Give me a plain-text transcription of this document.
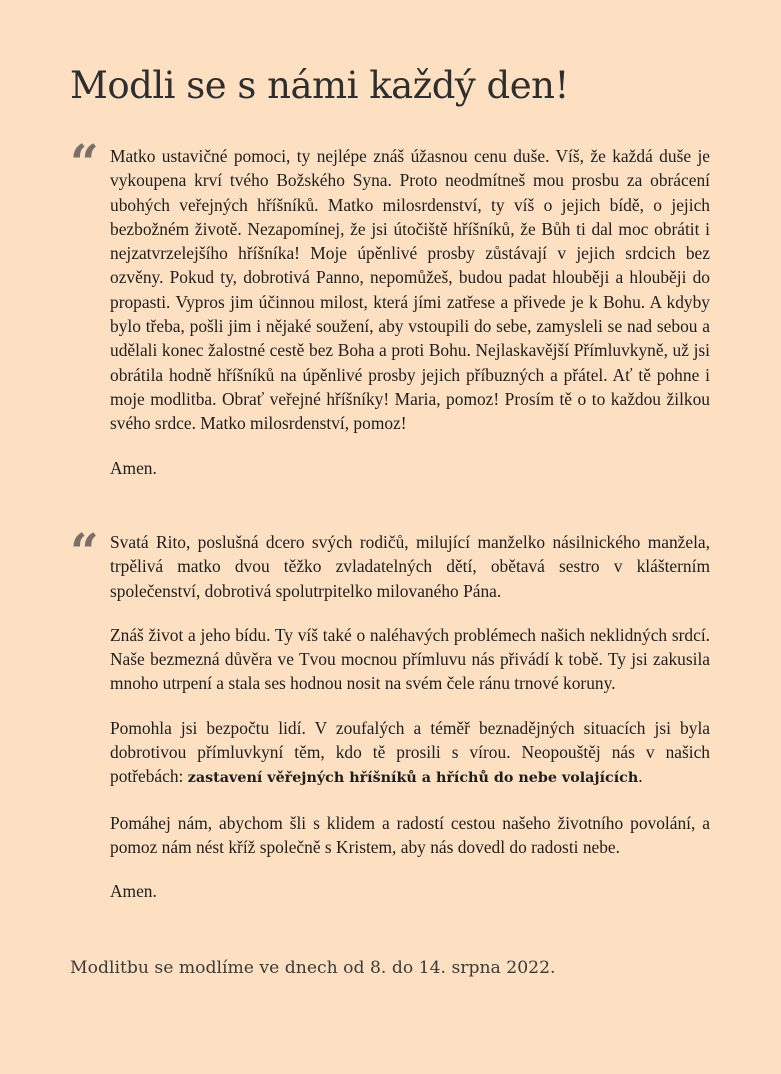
Modli se s námi každý den!
“ Matko ustavičné pomoci, ty nejlépe znáš úžasnou cenu duše. Víš, že každá duše je vykoupena krví tvého Božského Syna. Proto neodmítneš mou prosbu za obrácení ubohých veřejných hříšníků. Matko milosrdenství, ty víš o jejich bídě, o jejich bezbožném životě. Nezapomínej, že jsi útočiště hříšníků, že Bůh ti dal moc obrátit i nejzatvrzelejšího hříšníka! Moje úpěnlivé prosby zůstávají v jejich srdcich bez ozvěny. Pokud ty, dobrotivá Panno, nepomůžeš, budou padat hlouběji a hlouběji do propasti. Vypros jim účinnou milost, která jími zatřese a přivede je k Bohu. A kdyby bylo třeba, pošli jim i nějaké soužení, aby vstoupili do sebe, zamysleli se nad sebou a udělali konec žalostné cestě bez Boha a proti Bohu. Nejlaskavější Přímluvkyně, už jsi obrátila hodně hříšníků na úpěnlivé prosby jejich příbuzných a přátel. Ať tě pohne i moje modlitba. Obrať veřejné hříšníky! Maria, pomoz! Prosím tě o to každou žilkou svého srdce. Matko milosrdenství, pomoz!

Amen.

“ Svatá Rito, poslušná dcero svých rodičů, milující manželko násilnického manžela, trpělivá matko dvou těžko zvladatelných dětí, obětavá sestro v klášterním společenství, dobrotivá spolutrpitelko milovaného Pána.

Znáš život a jeho bídu. Ty víš také o naléhavých problémech našich neklidných srdcí. Naše bezmezná důvěra ve Tvou mocnou přímluvu nás přivádí k tobě. Ty jsi zakusila mnoho utrpení a stala ses hodnou nosit na svém čele ránu trnové koruny.

Pomohla jsi bezpočtu lidí. V zoufalých a téměř beznadějných situacích jsi byla dobrotivou přímluvkyní těm, kdo tě prosili s vírou. Neopouštěj nás v našich potřebách: zastavení věřejných hříšníků a hříchů do nebe volajících.

Pomáhej nám, abychom šli s klidem a radostí cestou našeho životního povolání, a pomoz nám nést kříž společně s Kristem, aby nás dovedl do radosti nebe.

Amen.

Modlitbu se modlíme ve dnech od 8. do 14. srpna 2022.
